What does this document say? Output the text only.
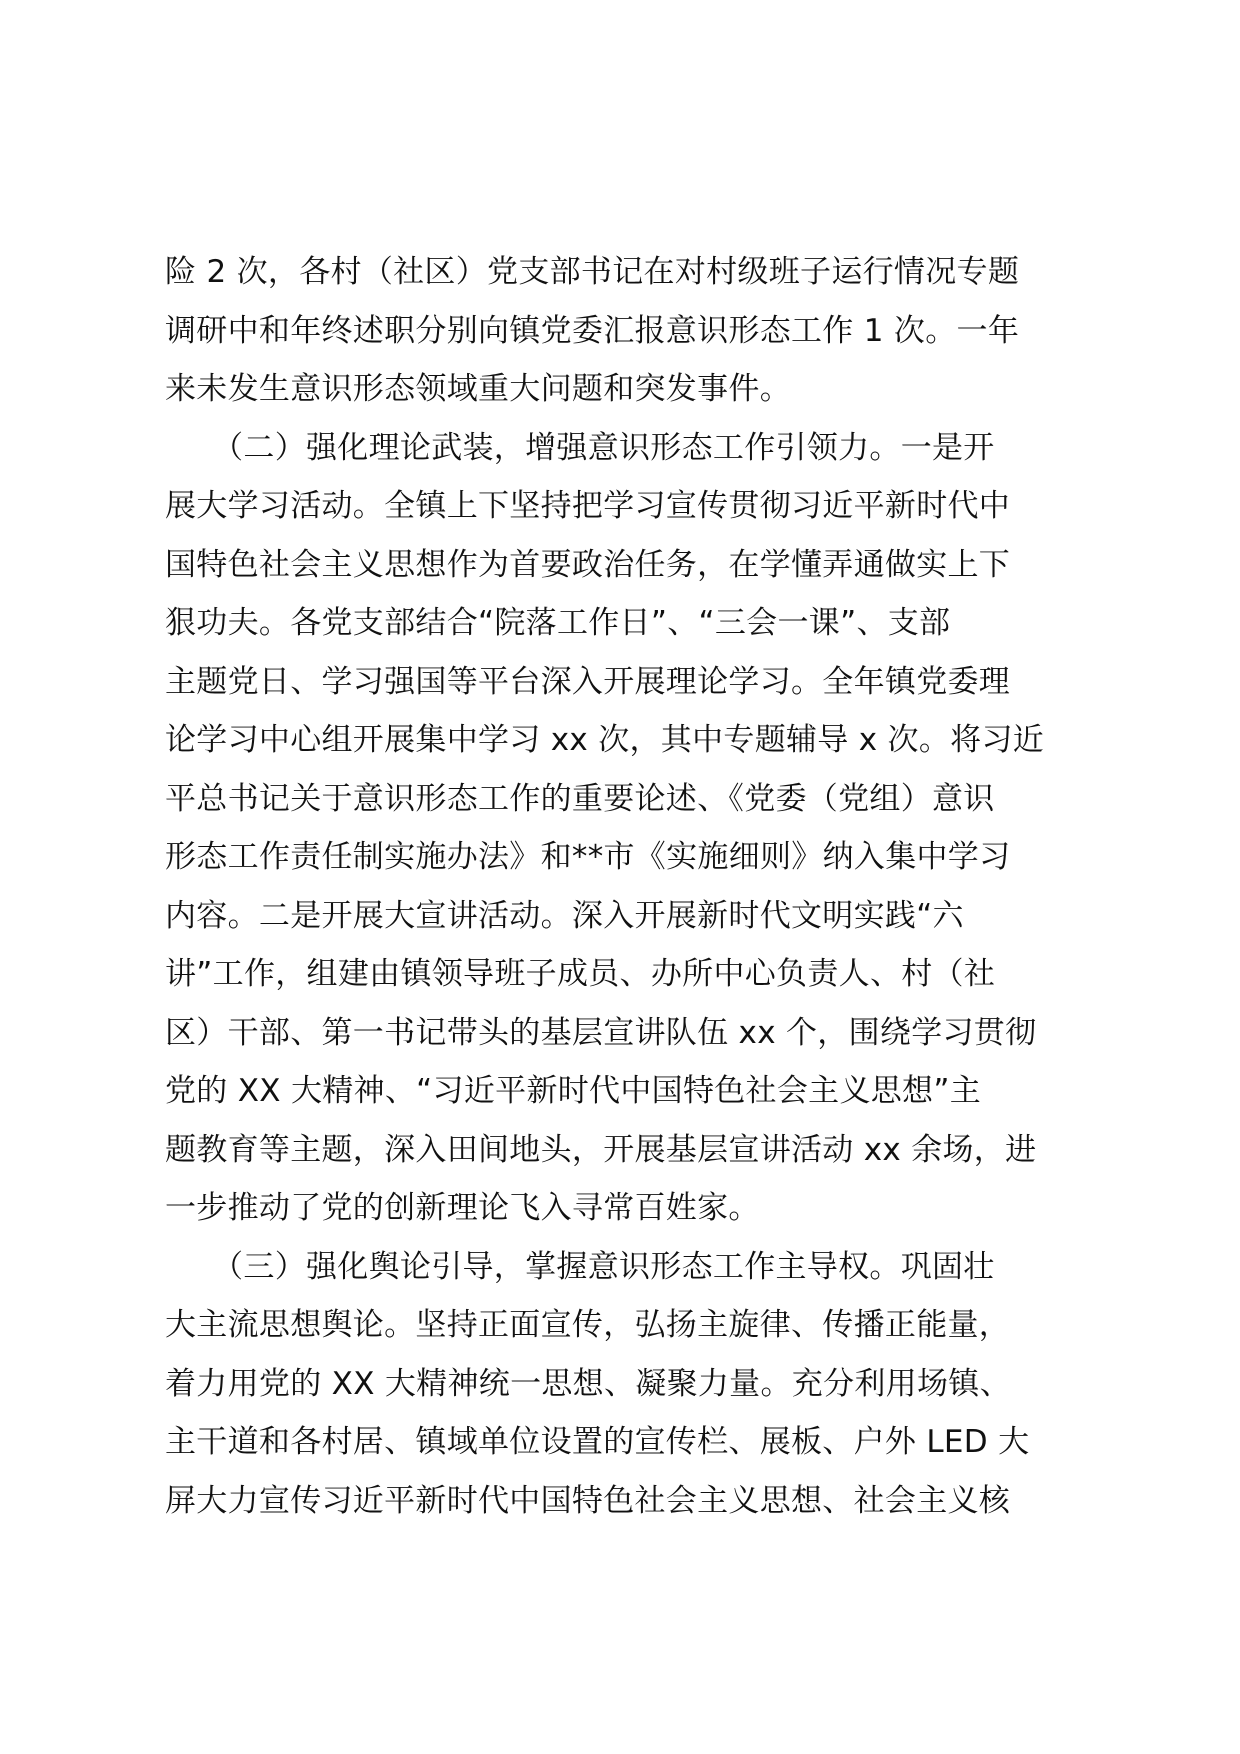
险 2 次，各村（社区）党支部书记在对村级班子运行情况专题
调研中和年终述职分别向镇党委汇报意识形态工作 1 次。一年
来未发生意识形态领域重大问题和突发事件。
　　（二）强化理论武装，增强意识形态工作引领力。一是开
展大学习活动。全镇上下坚持把学习宣传贯彻习近平新时代中
国特色社会主义思想作为首要政治任务，在学懂弄通做实上下
狠功夫。各党支部结合“院落工作日”、“三会一课”、支部
主题党日、学习强国等平台深入开展理论学习。全年镇党委理
论学习中心组开展集中学习 xx 次，其中专题辅导 x 次。将习近
平总书记关于意识形态工作的重要论述、《党委（党组）意识
形态工作责任制实施办法》和**市《实施细则》纳入集中学习
内容。二是开展大宣讲活动。深入开展新时代文明实践“六
讲”工作，组建由镇领导班子成员、办所中心负责人、村（社
区）干部、第一书记带头的基层宣讲队伍 xx 个，围绕学习贯彻
党的 XX 大精神、“习近平新时代中国特色社会主义思想”主
题教育等主题，深入田间地头，开展基层宣讲活动 xx 余场，进
一步推动了党的创新理论飞入寻常百姓家。
　　（三）强化舆论引导，掌握意识形态工作主导权。巩固壮
大主流思想舆论。坚持正面宣传，弘扬主旋律、传播正能量，
着力用党的 XX 大精神统一思想、凝聚力量。充分利用场镇、
主干道和各村居、镇域单位设置的宣传栏、展板、户外 LED 大
屏大力宣传习近平新时代中国特色社会主义思想、社会主义核
